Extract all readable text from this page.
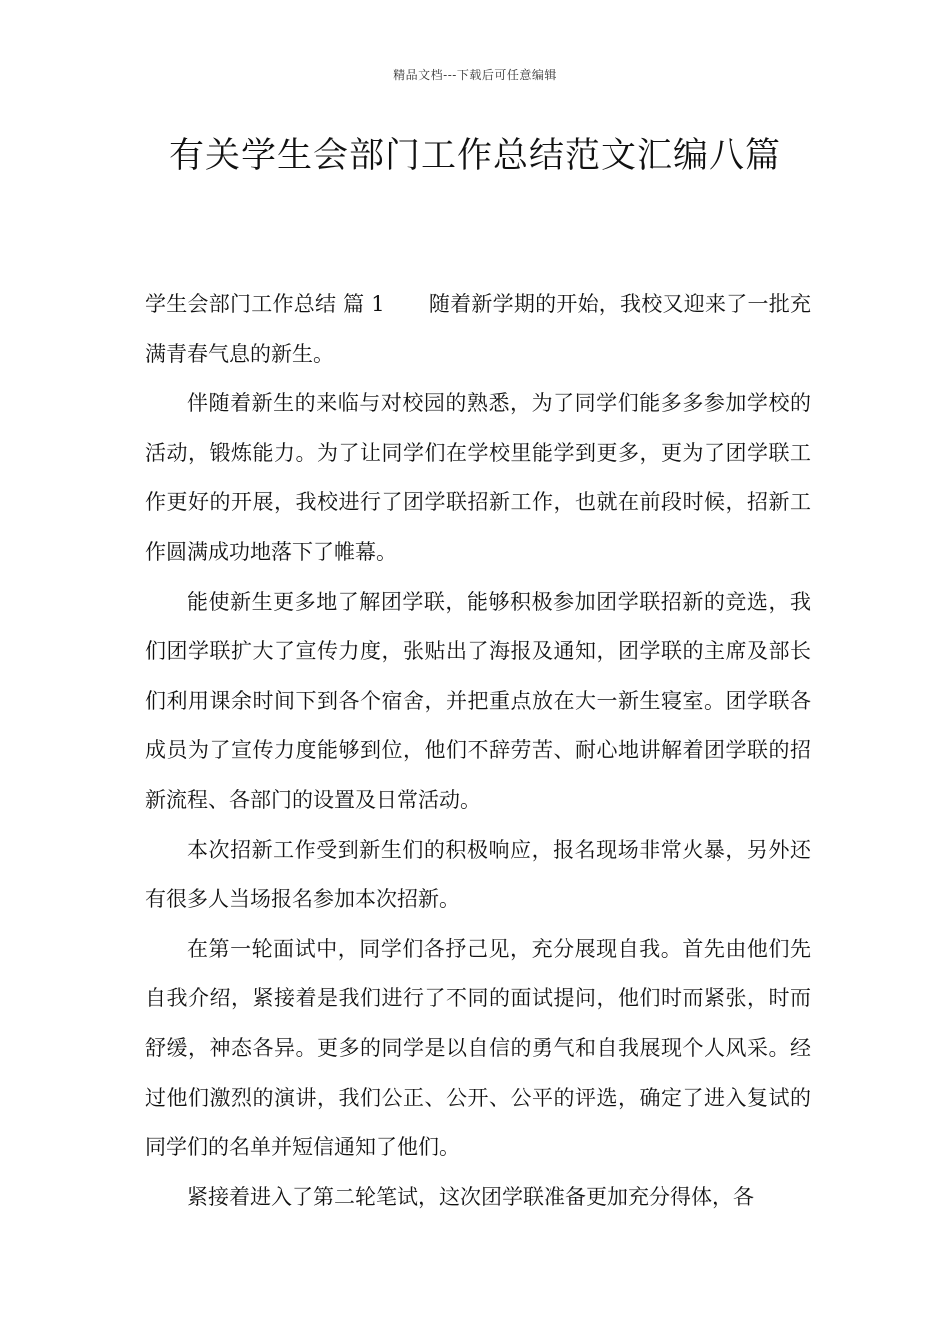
精品文档---下载后可任意编辑
有关学生会部门工作总结范文汇编八篇

学生会部门工作总结 篇 1 随着新学期的开始，我校又迎来了一批充满青春气息的新生。

伴随着新生的来临与对校园的熟悉，为了同学们能多多参加学校的活动，锻炼能力。为了让同学们在学校里能学到更多，更为了团学联工作更好的开展，我校进行了团学联招新工作，也就在前段时候，招新工作圆满成功地落下了帷幕。

能使新生更多地了解团学联，能够积极参加团学联招新的竞选，我们团学联扩大了宣传力度，张贴出了海报及通知，团学联的主席及部长们利用课余时间下到各个宿舍，并把重点放在大一新生寝室。团学联各成员为了宣传力度能够到位，他们不辞劳苦、耐心地讲解着团学联的招新流程、各部门的设置及日常活动。

本次招新工作受到新生们的积极响应，报名现场非常火暴，另外还有很多人当场报名参加本次招新。

在第一轮面试中，同学们各抒己见，充分展现自我。首先由他们先自我介绍，紧接着是我们进行了不同的面试提问，他们时而紧张，时而舒缓，神态各异。更多的同学是以自信的勇气和自我展现个人风采。经过他们激烈的演讲，我们公正、公开、公平的评选，确定了进入复试的同学们的名单并短信通知了他们。

紧接着进入了第二轮笔试，这次团学联准备更加充分得体，各
